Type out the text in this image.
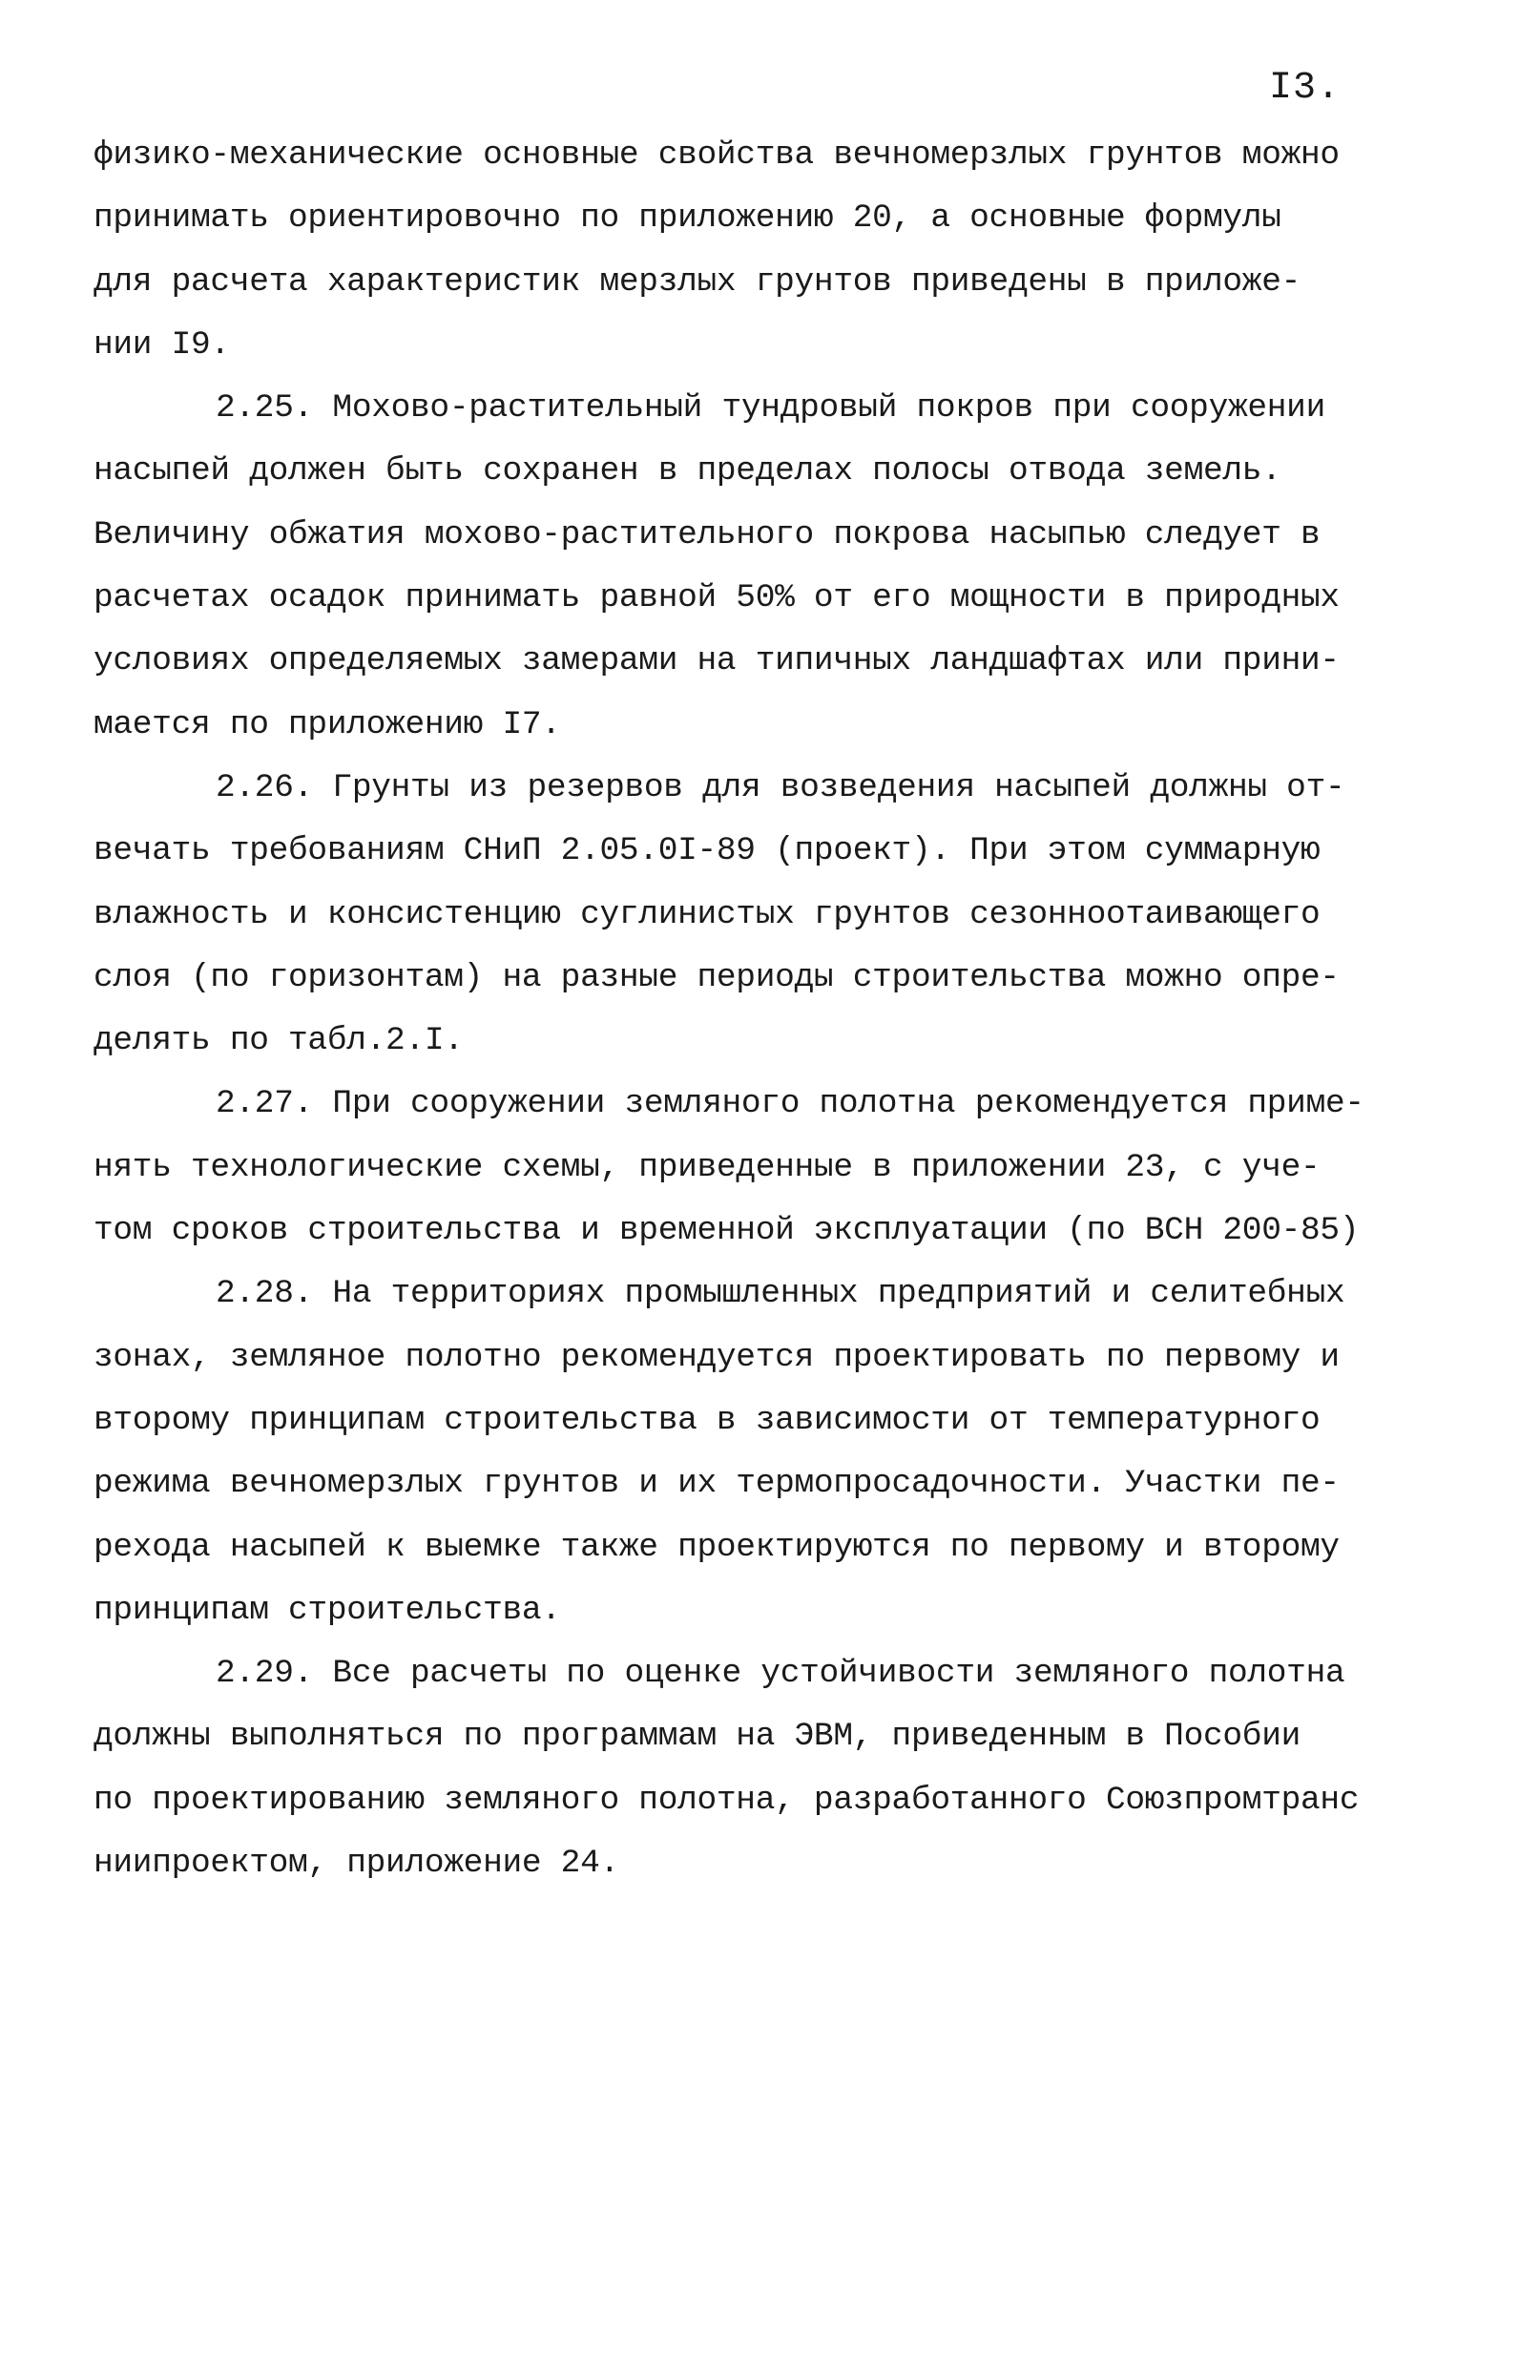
I3.
физико-механические основные свойства вечномерзлых грунтов можно
принимать ориентировочно по приложению 20, а основные формулы
для расчета характеристик мерзлых грунтов приведены в приложе-
нии I9.
2.25. Мохово-растительный тундровый покров при сооружении
насыпей должен быть сохранен в пределах полосы отвода земель.
Величину обжатия мохово-растительного покрова насыпью следует в
расчетах осадок принимать равной 50% от его мощности в природных
условиях определяемых замерами на типичных ландшафтах или прини-
мается по приложению I7.
2.26. Грунты из резервов для возведения насыпей должны от-
вечать требованиям СНиП 2.05.0I-89 (проект). При этом суммарную
влажность и консистенцию суглинистых грунтов сезонноотаивающего
слоя (по горизонтам) на разные периоды строительства можно опре-
делять по табл.2.I.
2.27. При сооружении земляного полотна рекомендуется приме-
нять технологические схемы, приведенные в приложении 23, с уче-
том сроков строительства и временной эксплуатации (по ВСН 200-85)
2.28. На территориях промышленных предприятий и селитебных
зонах, земляное полотно рекомендуется проектировать по первому и
второму принципам строительства в зависимости от температурного
режима вечномерзлых грунтов и их термопросадочности. Участки пе-
рехода насыпей к выемке также проектируются по первому и второму
принципам строительства.
2.29. Все расчеты по оценке устойчивости земляного полотна
должны выполняться по программам на ЭВМ, приведенным в Пособии
по проектированию земляного полотна, разработанного Союзпромтранс
ниипроектом, приложение 24.
